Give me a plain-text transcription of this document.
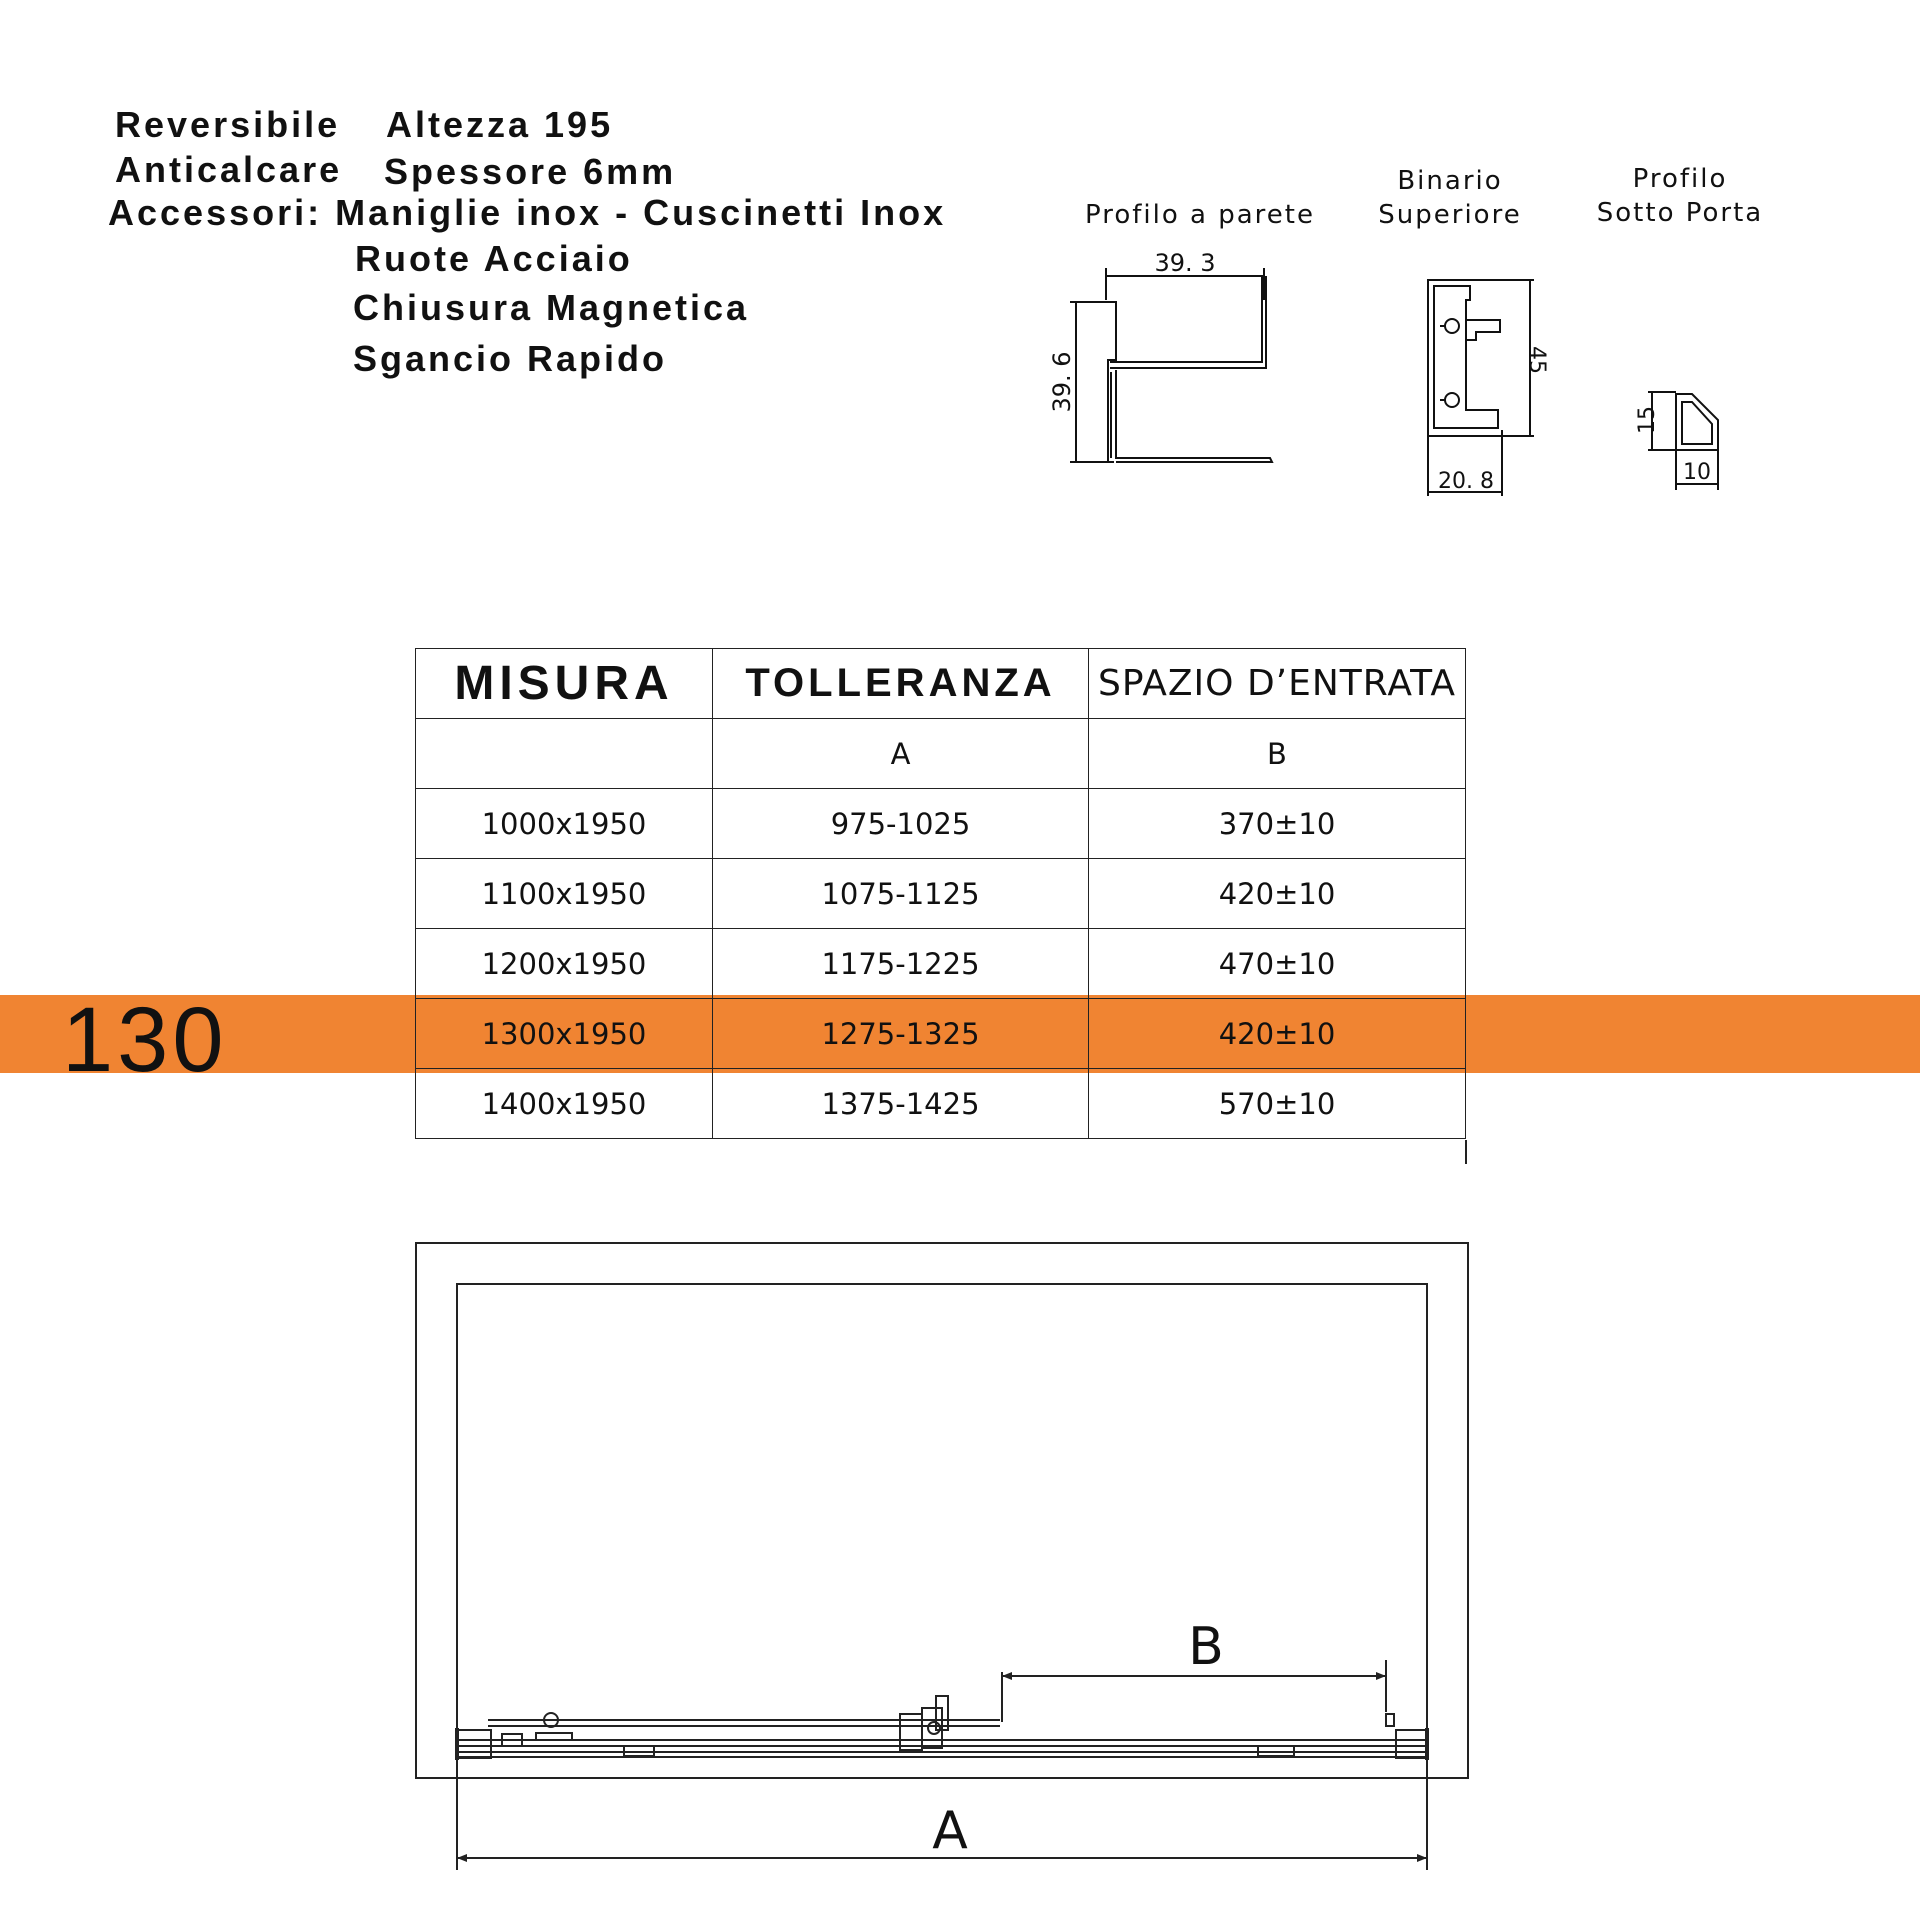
Reversibile Altezza 195
Anticalcare Spessore 6mm
Accessori: Maniglie inox - Cuscinetti Inox
Ruote Acciaio
Chiusura Magnetica
Sgancio Rapido
Profilo a parete
Binario
Superiore
Profilo
Sotto Porta
39. 3
39. 6	45
20. 8
15
10
130
MISURA	TOLLERANZA	SPAZIO D’ENTRATA
	A	B
1000x1950	975-1025	370±10
1100x1950	1075-1125	420±10
1200x1950	1175-1225	470±10
1300x1950	1275-1325	420±10
1400x1950	1375-1425	570±10
B
A
